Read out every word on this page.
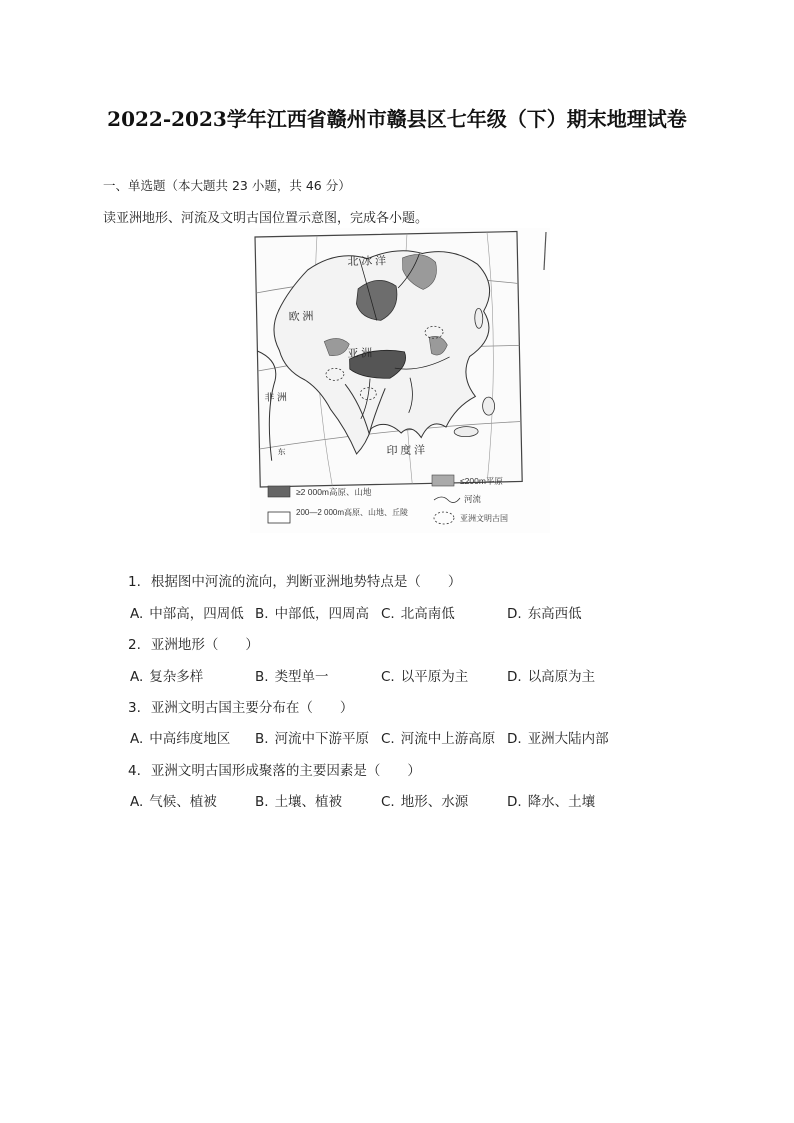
2022-2023学年江西省赣州市赣县区七年级（下）期末地理试卷
一、单选题（本大题共 23 小题，共 46 分）
读亚洲地形、河流及文明古国位置示意图，完成各小题。
北 冰 洋
欧 洲
亚 洲
非 洲
印 度 洋
东
≥2 000m高原、山地
≤200m平原
河流
200—2 000m高原、山地、丘陵
亚洲文明古国
1. 根据图中河流的流向，判断亚洲地势特点是（　　）
A. 中部高，四周低 B. 中部低，四周高 C. 北高南低	D. 东高西低
2. 亚洲地形（　　）
A. 复杂多样	B. 类型单一	C. 以平原为主	D. 以高原为主
3. 亚洲文明古国主要分布在（　　）
A. 中高纬度地区	B. 河流中下游平原 C. 河流中上游高原 D. 亚洲大陆内部
4. 亚洲文明古国形成聚落的主要因素是（　　）
A. 气候、植被	B. 土壤、植被	C. 地形、水源	D. 降水、土壤
